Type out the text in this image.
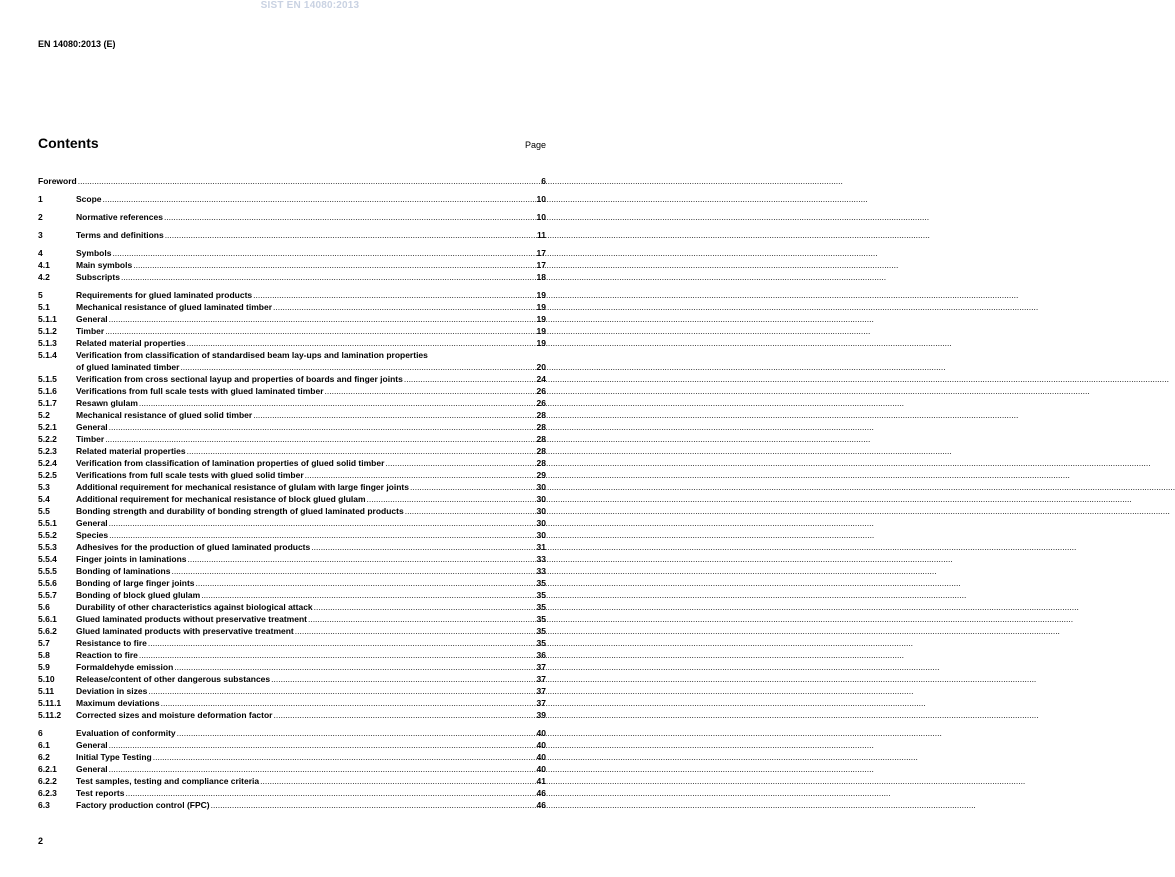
SIST EN 14080:2013
EN 14080:2013 (E)
Contents	Page
Foreword .....	6
1	Scope .....	10
2	Normative references .....	10
3	Terms and definitions .....	11
4	Symbols .....	17
4.1	Main symbols .....	17
4.2	Subscripts .....	18
5	Requirements for glued laminated products .....	19
5.1	Mechanical resistance of glued laminated timber .....	19
5.1.1	General .....	19
5.1.2	Timber .....	19
5.1.3	Related material properties .....	19
5.1.4	Verification from classification of standardised beam lay-ups and lamination properties
of glued laminated timber .....	20
5.1.5	Verification from cross sectional layup and properties of boards and finger joints .....	24
5.1.6	Verifications from full scale tests with glued laminated timber .....	26
5.1.7	Resawn glulam .....	26
5.2	Mechanical resistance of glued solid timber .....	28
5.2.1	General .....	28
5.2.2	Timber .....	28
5.2.3	Related material properties .....	28
5.2.4	Verification from classification of lamination properties of glued solid timber .....	28
5.2.5	Verifications from full scale tests with glued solid timber .....	29
5.3	Additional requirement for mechanical resistance of glulam with large finger joints .....	30
5.4	Additional requirement for mechanical resistance of block glued glulam .....	30
5.5	Bonding strength and durability of bonding strength of glued laminated products .....	30
5.5.1	General .....	30
5.5.2	Species .....	30
5.5.3	Adhesives for the production of glued laminated products .....	31
5.5.4	Finger joints in laminations .....	33
5.5.5	Bonding of laminations .....	33
5.5.6	Bonding of large finger joints .....	35
5.5.7	Bonding of block glued glulam .....	35
5.6	Durability of other characteristics against biological attack .....	35
5.6.1	Glued laminated products without preservative treatment .....	35
5.6.2	Glued laminated products with preservative treatment .....	35
5.7	Resistance to fire .....	35
5.8	Reaction to fire .....	36
5.9	Formaldehyde emission .....	37
5.10	Release/content of other dangerous substances .....	37
5.11	Deviation in sizes .....	37
5.11.1	Maximum deviations .....	37
5.11.2	Corrected sizes and moisture deformation factor .....	39
6	Evaluation of conformity .....	40
6.1	General .....	40
6.2	Initial Type Testing .....	40
6.2.1	General .....	40
6.2.2	Test samples, testing and compliance criteria .....	41
6.2.3	Test reports .....	46
6.3	Factory production control (FPC) .....	46
2
